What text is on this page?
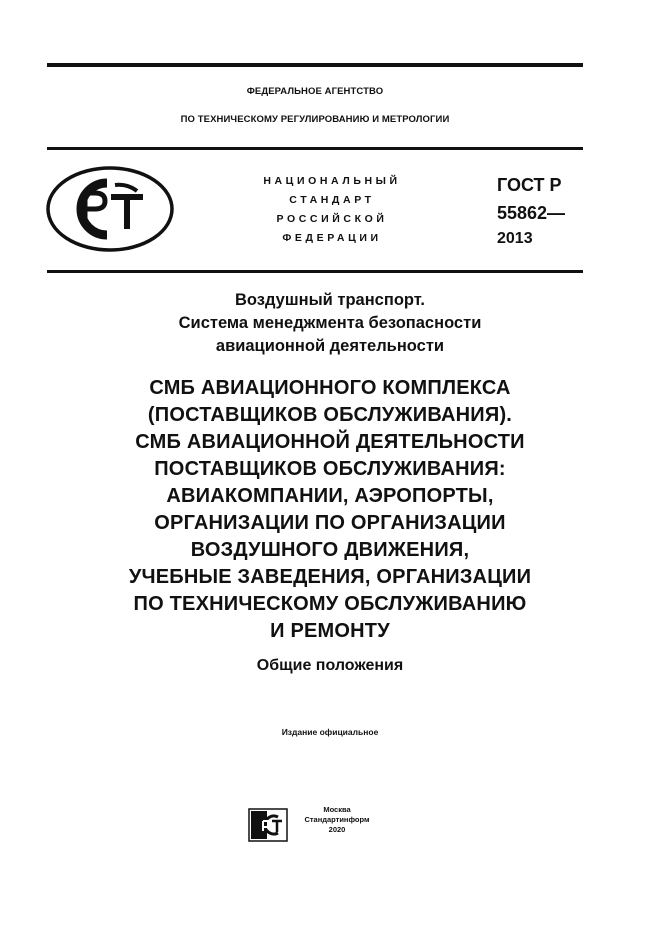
ФЕДЕРАЛЬНОЕ АГЕНТСТВО
ПО ТЕХНИЧЕСКОМУ РЕГУЛИРОВАНИЮ И МЕТРОЛОГИИ
НАЦИОНАЛЬНЫЙ
СТАНДАРТ
РОССИЙСКОЙ
ФЕДЕРАЦИИ
ГОСТ Р
55862—
2013
Воздушный транспорт.
Система менеджмента безопасности
авиационной деятельности
СМБ АВИАЦИОННОГО КОМПЛЕКСА
(ПОСТАВЩИКОВ ОБСЛУЖИВАНИЯ).
СМБ АВИАЦИОННОЙ ДЕЯТЕЛЬНОСТИ
ПОСТАВЩИКОВ ОБСЛУЖИВАНИЯ:
АВИАКОМПАНИИ, АЭРОПОРТЫ,
ОРГАНИЗАЦИИ ПО ОРГАНИЗАЦИИ
ВОЗДУШНОГО ДВИЖЕНИЯ,
УЧЕБНЫЕ ЗАВЕДЕНИЯ, ОРГАНИЗАЦИИ
ПО ТЕХНИЧЕСКОМУ ОБСЛУЖИВАНИЮ
И РЕМОНТУ
Общие положения
Издание официальное
Москва
Стандартинформ
2020
